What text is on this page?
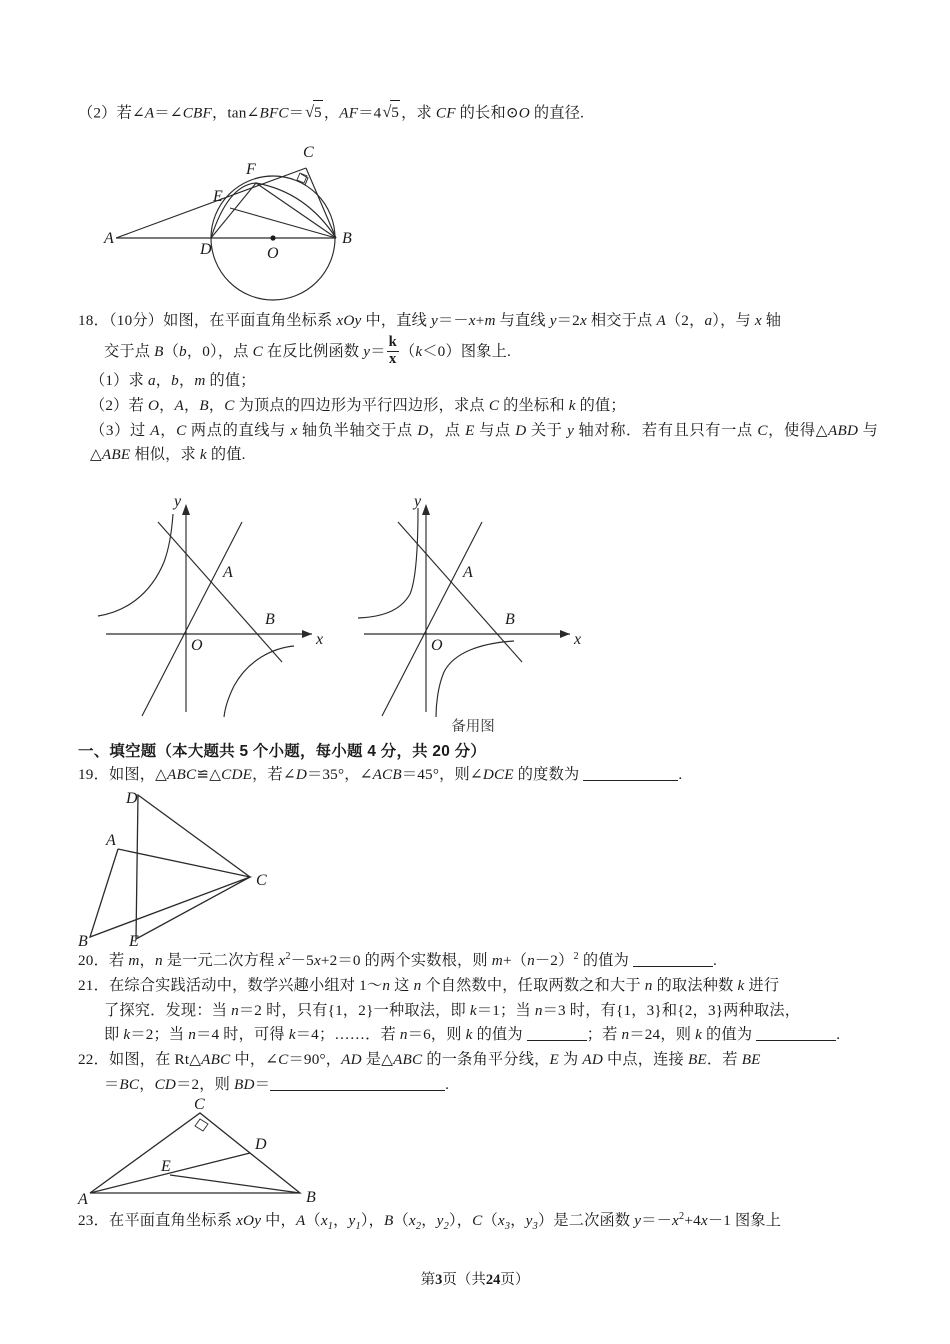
（2）若∠A＝∠CBF，tan∠BFC＝ √ 5 ，AF＝4 √ 5 ，求 CF 的长和⊙O 的直径.

A	B
C
D
E
F
O

18．（10分）如图，在平面直角坐标系 xOy 中，直线 y＝－x+m 与直线 y＝2x 相交于点 A（2，a），与 x 轴

交于点 B（b，0），点 C 在反比例函数 $y= \frac{k}{x} (k<0)$图象上.

（1）求 a，b，m 的值；

（2）若 O，A，B，C 为顶点的四边形为平行四边形，求点 C 的坐标和 k 的值；

（3）过 A，C 两点的直线与 x 轴负半轴交于点 D，点 E 与点 D 关于 y 轴对称．若有且只有一点 C，使得△ABD 与△ABE 相似，求 k 的值.

y
x
O
A
B
y
x
O
A
B
备用图

一、填空题（本大题共 5 个小题，每小题 4 分，共 20 分）

19．如图，△ABC≌△CDE，若∠D＝35°，∠ACB＝45°，则∠DCE 的度数为	.

D
A
C
B	E

20．若 m，n 是一元二次方程 $x^2-5x+2=0$ 的两个实数根，则 $m+(n-2)^2$ 的值为	.

21．在综合实践活动中，数学兴趣小组对 1～n 这 n 个自然数中，任取两数之和大于 n 的取法种数 k 进行

了探究．发现：当 n＝2 时，只有{1，2}一种取法，即 k＝1；当 n＝3 时，有{1，3}和{2，3}两种取法，

即 k＝2；当 n＝4 时，可得 k＝4；……．若 n＝6，则 k 的值为	；若 n＝24，则 k 的值为	.

22．如图，在 Rt△ABC 中，∠C＝90°，AD 是△ABC 的一条角平分线，E 为 AD 中点，连接 BE．若 BE

＝BC，CD＝2，则 BD＝	.

C
D
E
A	B

23．在平面直角坐标系 xOy 中，$A(x_1$，$y_1$），$B(x_2$，$y_2$），$C(x_3$，$y_3$）是二次函数 $y=-x^2+4x-1$ 图象上

第3页（共24页）
